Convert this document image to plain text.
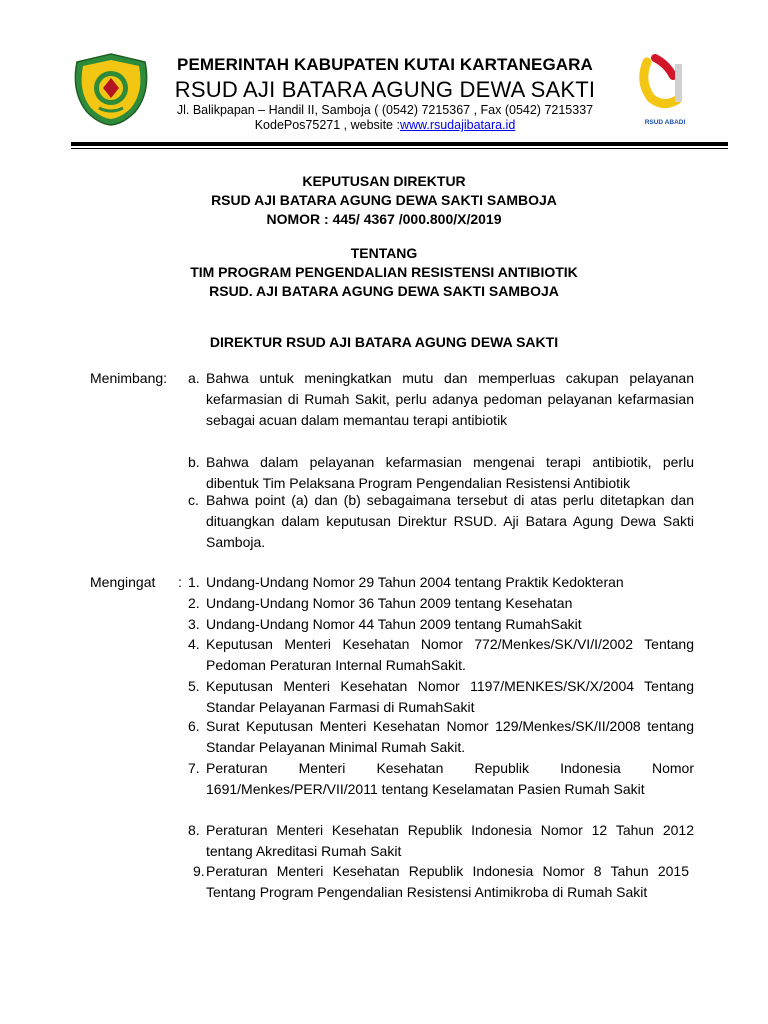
RSUD ABADI
PEMERINTAH KABUPATEN KUTAI KARTANEGARA
RSUD AJI BATARA AGUNG DEWA SAKTI
Jl. Balikpapan – Handil II, Samboja ( (0542) 7215367 , Fax (0542) 7215337
KodePos75271 , website :www.rsudajibatara.id
KEPUTUSAN DIREKTUR
RSUD AJI BATARA AGUNG DEWA SAKTI SAMBOJA
NOMOR : 445/ 4367 /000.800/X/2019
TENTANG
TIM PROGRAM PENGENDALIAN RESISTENSI ANTIBIOTIK
RSUD. AJI BATARA AGUNG DEWA SAKTI SAMBOJA
DIREKTUR RSUD AJI BATARA AGUNG DEWA SAKTI
Menimbang: a. Bahwa untuk meningkatkan mutu dan memperluas cakupan pelayanan kefarmasian di Rumah Sakit, perlu adanya pedoman pelayanan kefarmasian sebagai acuan dalam memantau terapi antibiotik
b. Bahwa dalam pelayanan kefarmasian mengenai terapi antibiotik, perlu dibentuk Tim Pelaksana Program Pengendalian Resistensi Antibiotik
c. Bahwa point (a) dan (b) sebagaimana tersebut di atas perlu ditetapkan dan dituangkan dalam keputusan Direktur RSUD. Aji Batara Agung Dewa Sakti Samboja.
Mengingat : 1. Undang-Undang Nomor 29 Tahun 2004 tentang Praktik Kedokteran
2. Undang-Undang Nomor 36 Tahun 2009 tentang Kesehatan
3. Undang-Undang Nomor 44 Tahun 2009 tentang RumahSakit
4. Keputusan Menteri Kesehatan Nomor 772/Menkes/SK/VI/I/2002 Tentang Pedoman Peraturan Internal RumahSakit.
5. Keputusan Menteri Kesehatan Nomor 1197/MENKES/SK/X/2004 Tentang Standar Pelayanan Farmasi di RumahSakit
6. Surat Keputusan Menteri Kesehatan Nomor 129/Menkes/SK/II/2008 tentang Standar Pelayanan Minimal Rumah Sakit.
7. Peraturan Menteri Kesehatan Republik Indonesia Nomor 1691/Menkes/PER/VII/2011 tentang Keselamatan Pasien Rumah Sakit
8. Peraturan Menteri Kesehatan Republik Indonesia Nomor 12 Tahun 2012 tentang Akreditasi Rumah Sakit
9. Peraturan Menteri Kesehatan Republik Indonesia Nomor 8 Tahun 2015 Tentang Program Pengendalian Resistensi Antimikroba di Rumah Sakit
